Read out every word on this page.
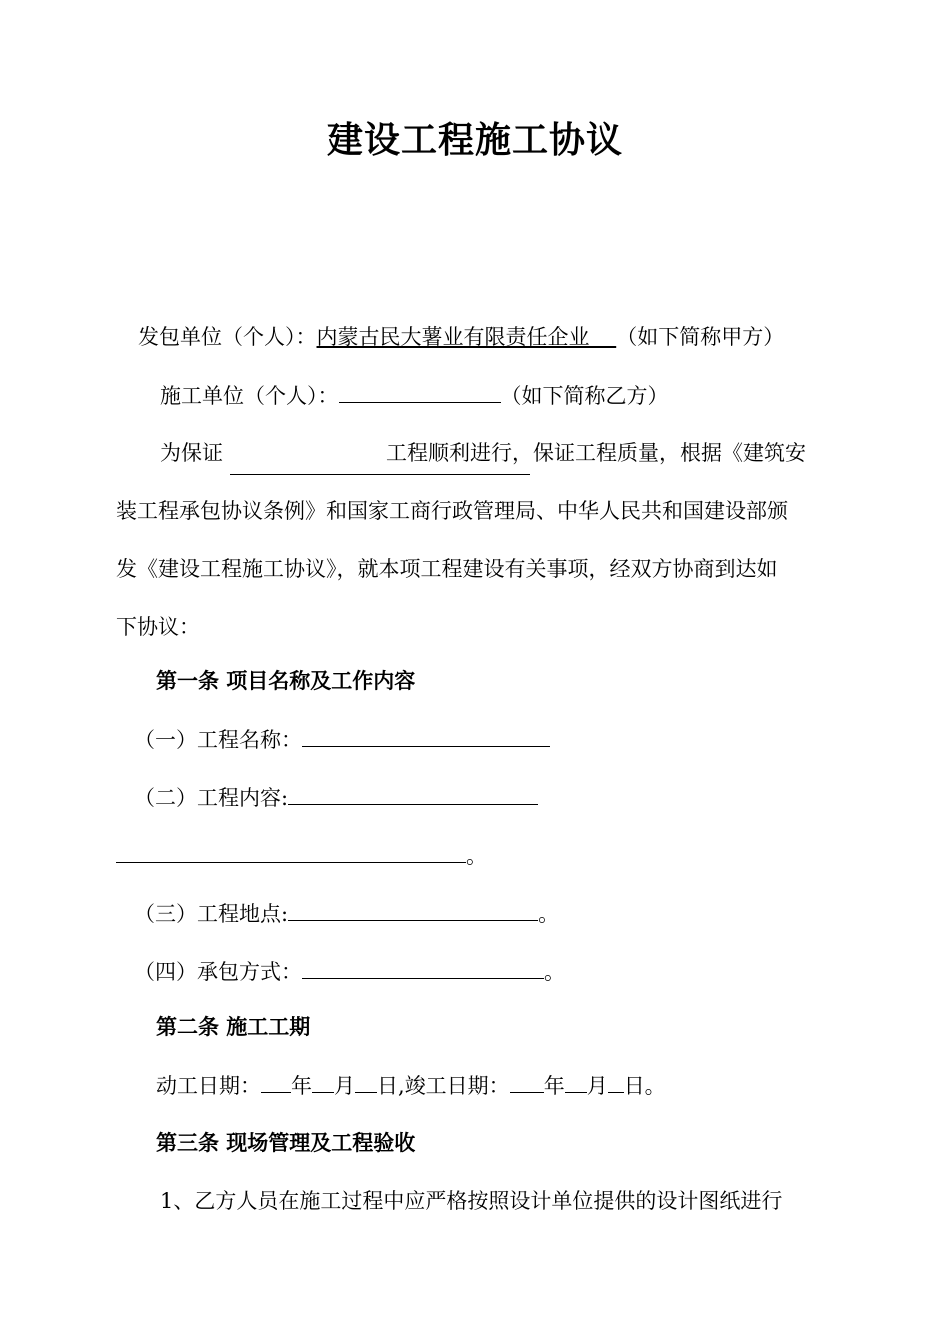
建设工程施工协议
发包单位（个人）：内蒙古民大薯业有限责任企业 （如下简称甲方）
施工单位（个人）：	（如下简称乙方）
为保证	工程顺利进行，保证工程质量，根据《建筑安
装工程承包协议条例》和国家工商行政管理局、中华人民共和国建设部颁
发《建设工程施工协议》，就本项工程建设有关事项，经双方协商到达如
下协议：
第一条 项目名称及工作内容
（一）工程名称：
（二）工程内容:
。
（三）工程地点:	。
（四）承包方式：	。
第二条 施工工期
动工日期： 年 月 日,竣工日期： 年 月 日。
第三条 现场管理及工程验收
1、乙方人员在施工过程中应严格按照设计单位提供的设计图纸进行
